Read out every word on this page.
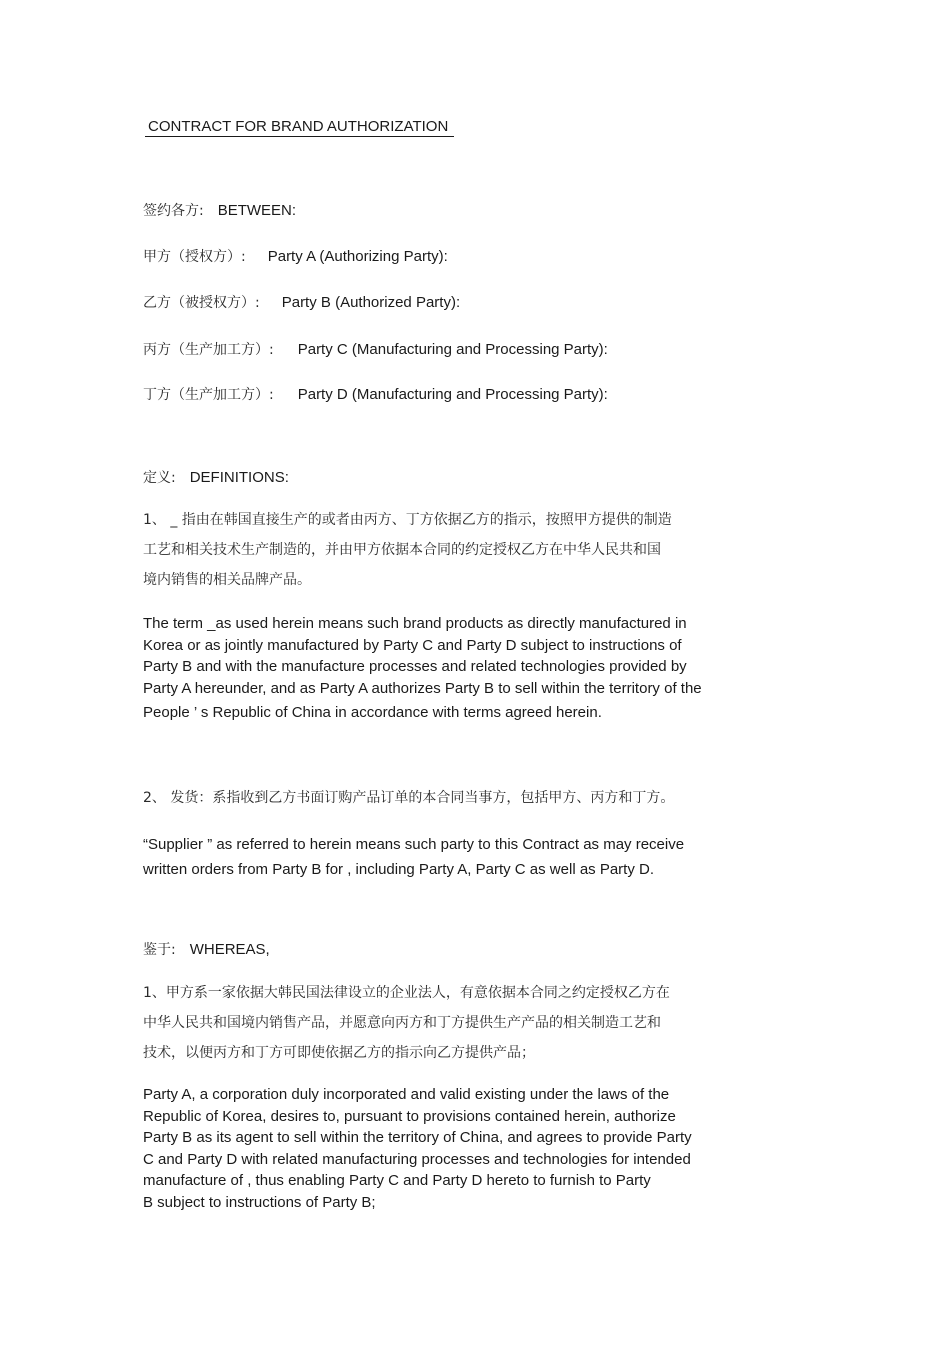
CONTRACT FOR BRAND AUTHORIZATION
签约各方: BETWEEN:
甲方（授权方）: Party A (Authorizing Party):
乙方（被授权方）: Party B (Authorized Party):
丙方（生产加工方）: Party C (Manufacturing and Processing Party):
丁方（生产加工方）: Party D (Manufacturing and Processing Party):
定义: DEFINITIONS:
1、 _ 指由在韩国直接生产的或者由丙方、丁方依据乙方的指示，按照甲方提供的制造
工艺和相关技术生产制造的，并由甲方依据本合同的约定授权乙方在中华人民共和国
境内销售的相关品牌产品。
The term _as used herein means such brand products as directly manufactured in
Korea or as jointly manufactured by Party C and Party D subject to instructions of
Party B and with the manufacture processes and related technologies provided by
Party A hereunder, and as Party A authorizes Party B to sell within the territory of the
People ’ s Republic of China in accordance with terms agreed herein.
2、 发货：系指收到乙方书面订购产品订单的本合同当事方，包括甲方、丙方和丁方。
“Supplier ” as referred to herein means such party to this Contract as may receive
written orders from Party B for , including Party A, Party C as well as Party D.
鉴于: WHEREAS,
1、甲方系一家依据大韩民国法律设立的企业法人，有意依据本合同之约定授权乙方在
中华人民共和国境内销售产品，并愿意向丙方和丁方提供生产产品的相关制造工艺和
技术，以便丙方和丁方可即使依据乙方的指示向乙方提供产品；
Party A, a corporation duly incorporated and valid existing under the laws of the
Republic of Korea, desires to, pursuant to provisions contained herein, authorize
Party B as its agent to sell within the territory of China, and agrees to provide Party
C and Party D with related manufacturing processes and technologies for intended
manufacture of , thus enabling Party C and Party D hereto to furnish to Party
B subject to instructions of Party B;
